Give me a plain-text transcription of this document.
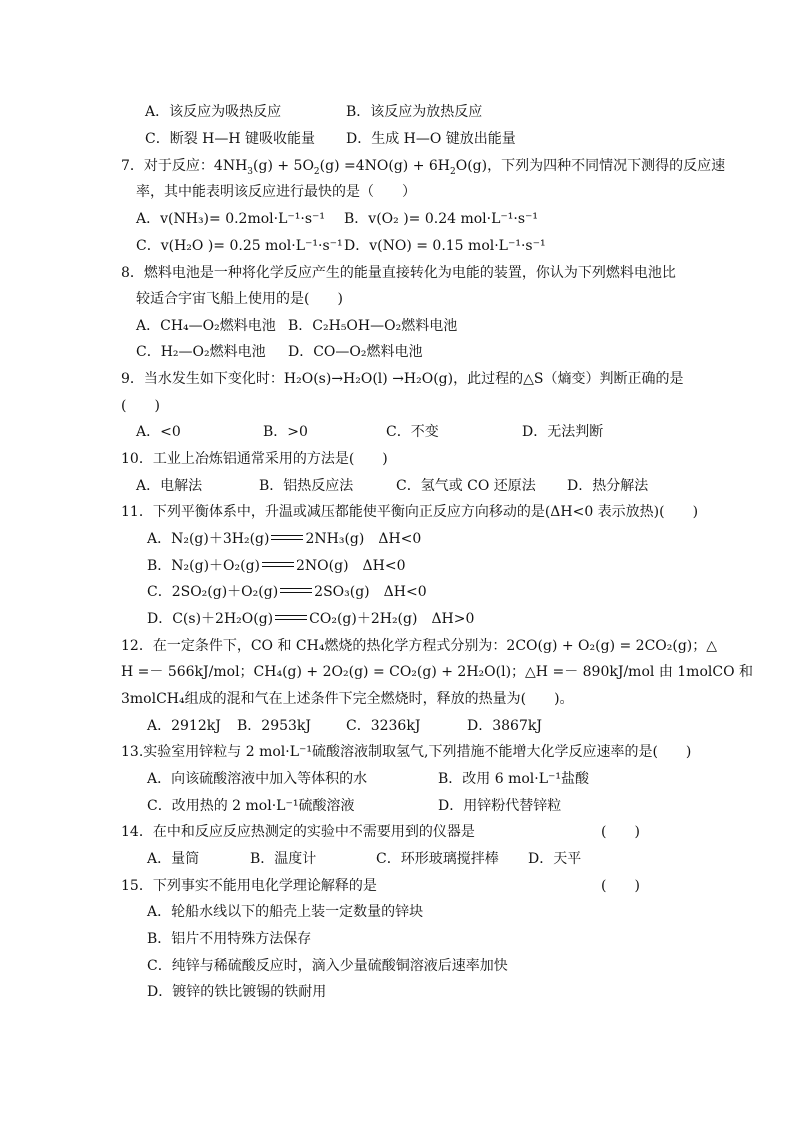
A．该反应为吸热反应	B．该反应为放热反应
C．断裂 H—H 键吸收能量 D．生成 H—O 键放出能量
7．对于反应：$4NH_3(g) + 5O_2(g) =4NO(g) + 6H_2O(g)$，下列为四种不同情况下测得的反应速
率，其中能表明该反应进行最快的是（　　）
A．v(NH₃)= 0.2mol·L⁻¹·s⁻¹ B．v(O₂ )= 0.24 mol·L⁻¹·s⁻¹
C．v(H₂O )= 0.25 mol·L⁻¹·s⁻¹ D．v(NO) = 0.15 mol·L⁻¹·s⁻¹
8．燃料电池是一种将化学反应产生的能量直接转化为电能的装置，你认为下列燃料电池比
较适合宇宙飞船上使用的是(　　)
A．CH₄—O₂燃料电池 B．C₂H₅OH—O₂燃料电池
C．H₂—O₂燃料电池 D．CO—O₂燃料电池
9．当水发生如下变化时：H₂O(s)→H₂O(l) →H₂O(g)，此过程的△S（熵变）判断正确的是
(　　)
A．<0	B．>0	C．不变	D．无法判断
10．工业上冶炼铝通常采用的方法是(　　)
A．电解法	B．铝热反应法	C．氢气或 CO 还原法 D．热分解法
11．下列平衡体系中，升温或减压都能使平衡向正反应方向移动的是(ΔH<0 表示放热)(　　)
A．N₂(g)＋3H₂(g)	2NH₃(g)　ΔH<0
B．N₂(g)＋O₂(g)	2NO(g)　ΔH<0
C．2SO₂(g)＋O₂(g)	2SO₃(g)　ΔH<0
D．C(s)＋2H₂O(g)	CO₂(g)＋2H₂(g)　ΔH>0
12．在一定条件下，CO 和 CH₄燃烧的热化学方程式分别为：2CO(g) + O₂(g) = 2CO₂(g)；△
H =－ 566kJ/mol；CH₄(g) + 2O₂(g) = CO₂(g) + 2H₂O(l)；△H =－ 890kJ/mol 由 1molCO 和
3molCH₄组成的混和气在上述条件下完全燃烧时，释放的热量为(　　)。
A．2912kJ B．2953kJ C．3236kJ	D．3867kJ
13.实验室用锌粒与 2 mol·L⁻¹硫酸溶液制取氢气,下列措施不能增大化学反应速率的是(　　)
A．向该硫酸溶液中加入等体积的水	B．改用 6 mol·L⁻¹盐酸
C．改用热的 2 mol·L⁻¹硫酸溶液	D．用锌粉代替锌粒
14．在中和反应反应热测定的实验中不需要用到的仪器是	(　　)
A．量筒	B．温度计	C．环形玻璃搅拌棒 D．天平
15．下列事实不能用电化学理论解释的是	(　　)
A．轮船水线以下的船壳上装一定数量的锌块
B．铝片不用特殊方法保存
C．纯锌与稀硫酸反应时，滴入少量硫酸铜溶液后速率加快
D．镀锌的铁比镀锡的铁耐用
